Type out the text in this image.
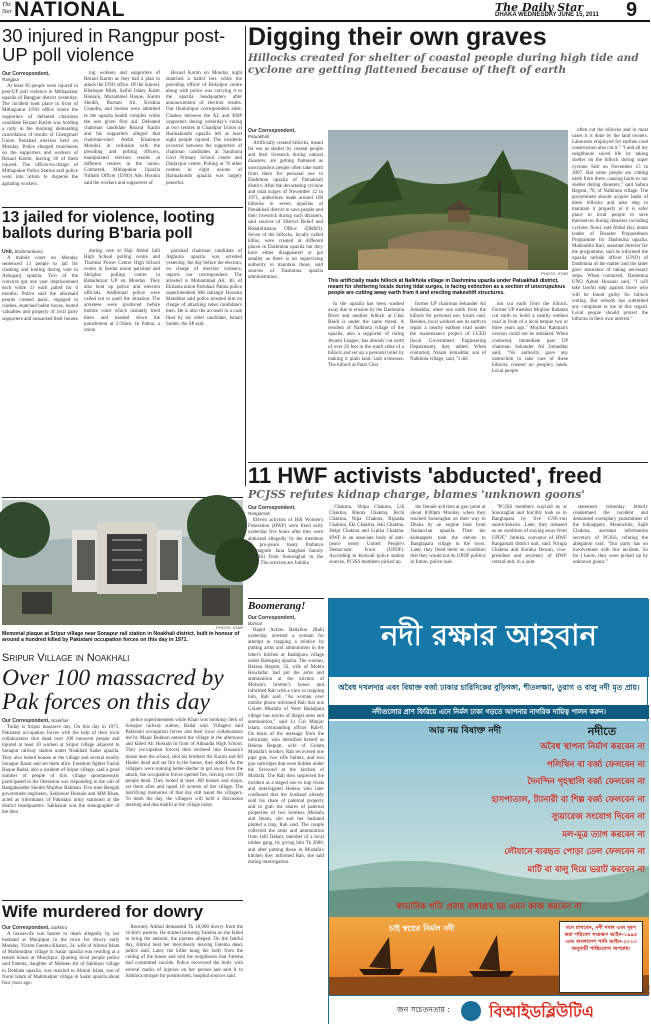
The
Star NATIONAL	The Daily Star
DHAKA WEDNESDAY JUNE 15, 2011 9
30 injured in Rangpur post-UP poll violence
Our Correspondent,
Rangpur

At least 30 people were injured in post-UP poll violence in Mithapukur upazila of Rangpur district yesterday. The incident took place in front of Mithapukur UNO office where the supporters of defeated chairman candidate Rezaul Karim was holding a rally in the morning demanding cancellation of results of Chengmari Union Parishad election held on Monday. Police charged truncheons on the supporters and workers of Rezaul Karim, leaving 30 of them injured. The officer-in-charge of Mithapukur Police Station said police went into action to disperse the agitating workers.

ing workers and supporters of Rezaul Karim as they had a plan to attack the UNO office. Of the injured, Khaleque Miah, Saiful Islam, Kabir Hossain, Mozammel Haque, Karim Sheikh, Rustam Ali, Krishna Chandra, and Suman were admitted to the upazila health complex while the rest given first aid. Defeated chairman candidate Rezaul Karim and his supporters alleged that chairman-elect Abdul Khaleque Mondol, in collusion with the presiding and polling officers, manipulated election results at different centres in the union. Contacted, Mithapukur Upazila Nirbahi Officer (UNO) Abu Horaira said the workers and supporters of

Rezaul Karim on Monday night snatched a ballot box while the presiding officer of Bokulpur centre along with police was carrying it to the upazila headquarters after announcement of election results. Our Ibrahimpur correspondent adds: Clashes between the AL and BNP supporters during yesterday's voting at two centres in Chandpur Union of Harinakundo upazila left at least eight people injured. The incidents occurred between the supporters of chairman candidates at Sarabaria Govt Primary School centre and Durlavpur centre. Polling at 76 other centres in eight unions of Harinakundo upazila was largely peaceful.

Digging their own graves
Hillocks created for shelter of coastal people during high tide and cyclone are getting flattened because of theft of earth
Our Correspondent,
Patuakhali

Artificially created hillocks, meant for use as shelter by coastal people and their livestock during natural disasters, are getting flattened as unscrupulous people often take earth from there for personal use in Dashmina upazila of Patuakhali district. After the devastating cyclone and tidal surges of November 12 in 1971, authorities made around 100 hillocks in seven upazilas of Patuakhali district to save people and their livestock during such disasters, said sources of District Relief and Rehabilitation Office (DRRO). Seven of the hillocks, locally called killas, were created at different places in Dashmina upazila but they have either disappeared or got smaller as there is no supervising authority to maintain those, said sources of Dashmina upazila administration.

PHOTO: STAR
This artificially made hillock at Nalkhola village in Dashmina upazila under Patuakhali district, meant for sheltering locals during tidal surges, is facing extinction as a section of unscrupulous people are cutting away earth from it and erecting makeshift structures.

In the upazila has been washed away due to erosion by the Dashmina River and another hillock at Char Haidi is under the same threat. A resident of Nalkhola village of the upazila, also a supporter of ruling Awami League, has already cut earth of over 20 feet in the south sides of a hillock and set up a personal toilet by making it plain land, said witnesses. The hillock at Patar Char

former UP chairman Sekander Ali Jomaddar, other one earth from the hillock for personal use, locals said. Besides, local workers use its earth to repair a nearby earthen road under the maintenance project of LGED (local Government Engineering Department), they added. When contacted, Nizam Jomaddar, son of Nalkhola village, said, "I did

not cut earth from the hillock. Former UP member Mojibar Rahman cut earth to build a nearby earthen road in front of a local temple two or three years ago." Mojibar Rahman's version could not be obtained. When contacted, immediate past UP chairman Sekander Ali Jomaddar said, "No authority gave any instruction to take care of these hillocks created on people's lands. Local people

often cut the hillocks and in most cases it is done by the land owners. Labourers employed for earthen road construction also cut it." "I and all my neighbours saved life by taking shelter on the hillock during super cyclone Sidr on November 15 in 2007. But some people are cutting earth from there, causing harm to our shelter during disasters," said Safura Begum, 70, of Nalkhola village. The government should acquire lands of these hillocks and take step to maintain it properly or it is safer place to local people to save themselves during disasters including cyclone, flood, said Abdul Hai, imam leader of Disaster Preparedness Programme for Dashmina upazila. Mahiuddin Bari, assistant director for the programme, said he informed the upazila nirbahi officer (UNO) of Dashmina of the matter and the latter gave assurance of taking necessary steps. When contacted, Dashmina UNO Ajmol Hossain said, "I will take lawful step against those who will be found guilty for hillock cutting. But nobody has submitted any complaint to me in this regard. Local people should protect the hillocks in their own interest."

13 jailed for violence, looting ballots during B'baria poll
Unb, Brahmanbaria

A mobile court on Monday sentenced 13 people to jail for clashing and looting during vote in Ashuganj upazila. Two of the convicts got one year imprisonment each while 11 each jailed for 6 months. Police said the aforesaid people created panic, engaged in clashes, snatched ballot boxes, looted valuables and property of rival party supporters and ransacked their houses

during vote at Haji Abdul Jalil High School polling centre and Tharmal Power Centre High School centre in Sardar union parishad and Shrighar polling centre in Bahadurpur UP on Monday. They also beat up police and election officials, Additional police were called out to quell the situation. The arrestees were produced before mobile court which instantly tried them and handed down the punishment at 2:30am. In Pabna, a union

parishad chairman candidate of Atghoria upazila was arrested yesterday, the day before the election, on charge of election violence, reports our correspondent. The arrested is Mohammad Ali, 40, of Eklianta union Parishad. Pabna police superintendent Md Jahangir Hossain Matobbar said police arrested him on charge of attacking rebel candidate's men. He is also the accused in a case filed by his rebel candidate, Ismail Sarder, the SP said.

PHOTO: STAR
Memorial plaque at Sripur village near Sonapur rail station in Noakhali district, built in honour of around a hundred killed by Pakistani occupation forces on this day in 1971.
Sripur Village in Noakhali
Over 100 massacred by Pak forces on this day
Our Correspondent, Noakhali

Today is Sripur massacre day. On this day in 1971, Pakistani occupation forces with the help of their local collaborators shot dead over 100 innocent people and injured at least 10 women at Sripur village adjacent to Sonapur railway station under Noakhali Sadar upazila. They also looted houses at the village and several nearby Sonapur Bazar and set them afire. Freedom fighter Fazlul Haque Badal, also a resident of Sripur village, said a good number of people of this village spontaneously participated in the liberation war responding to the call of Bangabandhu Sheikh Mujibur Rahman. Five men Bengali government engineers, Sakhawat Hossain and MM Khan, acted as informants of Pakistani army stationed at the district headquarters. Sakhawat was the stenographer of the then

police superintendent while Khan was booking clerk of Sonapur railway station, Badal said. Villagers said Pakistani occupation forces and their local collaborators led by Major Bukhari entered the village in the afternoon and killed Ali Hossain in front of Ahmadia High School. They (occupation forces) then stormed into Hossain's house near the school, shot his brothers Ali Karim and Ali Haider dead and set fire to the house, they added. As the villagers were running helter-skelter to get away from the attack, the occupation forces opened fire, leaving over 100 people dead. They looted at least 300 houses and shops, set them afire and raped 10 women of the village. The horrifying memories of that day still haunt the villagers. To mark the day, the villagers will hold a discussion meeting and doa mahfil at the village today.

Wife murdered for dowry
Our Correspondent, Satkhira

A housewife was beaten to death allegedly by her husband at Munjitpur in the town for dowry early Monday. Victim Fatema Khatun, 24, wife of Alimul Islam of Mahmudpur village in Sadar upazila was residing at a rented house at Munjitpur. Quoting local people police said Fatema, daughter of Mohsen Ali of Sakhipur village in Debhata upazila, was married to Alimul Islam, son of Nurul Islam of Mahmudpur village in Sadar upazila about four years ago.

Recently Alimul demanded Tk 10,000 dowry from the victim's parents. He started torturing Fatema as she failed to bring the amount, the parents alleged. On the fateful day, Alimul beat her mercilessly leaving Fatema dead, police said. Later, the killer hung the body from the ceiling of the house and told the neighbours that Fatema had committed suicide. Police recovered the body with several marks of injuries on her person and sent it to Satkhira morgue for postmortem, hospital sources said.

11 HWF activists 'abducted', freed
PCJSS refutes kidnap charge, blames 'unknown goons'
Our Correspondent,
Rangamati

Eleven activists of Hill Women's Federation (HWF) were freed early yesterday five hours after they were abducted allegedly by the members of pro-peace treaty Parbatya Chattagram Jana Sanghati Samity (PCJSS) from Sonoraghat in the town. The activists are Juthika

Chakma, Shipu Chakma, Lili Chakma, Binota Chakma, Richi Chakma, Nipa Chakma, Bipasha Chakma, Eki Chakma, Jeki Chakma, Helpi Chakma and Lipika Chakma. HWF is an associate body of anti-peace treaty United People's Democratic Front (UPDF). According to Kotwali police station sources, PCJSS members picked up

the female activists at gun point at about 8:00pm Monday when they reached Sonoraghat on their way to Dhaka by an engine boat from Naniarchar upazila. Then the kidnappers took the eleven to Banglapara village in the town. Later, they freed them on condition that they would not do UPDF politics in future, police said.

"PCJSS members waylaid us at Sonoraghat and forcibly took us to Banglapara by five CNG-run autorickshaws. Later, they released us on condition of staying away from UPDF," Juthika, convenor of HWF Rangamati district unit, said. Nirupa Chakma and Konika Dewan, vice-president and secretary of HWF central unit, in a joint

statement yesterday bitterly condemned the incident and demanded exemplary punishment of the kidnappers. Meanwhile, Sajib Chakma, assistant information secretary of PCJSS, refuting the allegation said, "Our party has no involvement with this incident. So far I know, they were picked up by unknown goons."

Boomerang!
Our Correspondent,
Barisal

Rapid Action Battalion (Rab) yesterday arrested a woman for attempt to trapping a relative by putting arms and ammunition in the latter's kitchen at Badalpara village under Babuganj upazila. The woman, Helana Begum, 32, wife of Mobin Howladar, had put the arms and ammunition at the kitchen of Mohsin's brother's house and informed Rab with a view to trapping him, Rab said. "As woman over mobile phone informed Rab that one Golam Mustafa of West Badalpara village has stocks of illegal arms and ammunition," said Lt Col Manjur Islam, commanding officer Rab-8. On basis of the message from the informant, who identified herself as Helena Begum, wife of Golam Mustafa's brother, Rab recovered one pipe gun, two rifle bullets, and two gun cartridges that were hidden under the firewood at the kitchen of Mustafa. The Rab then suspected the incident as a staged one to trap rivals and interrogated Helena who later confessed that her husband already sold his share of paternal property and to grab the shares of paternal properties of two brothers Mustafa and Imran, she and her husband plotted a trap, Rab said. The couple collected the arms and ammunition from Jalil Dakait, member of a local robber gang, by giving him Tk 2000, and after putting those in Mustafa's kitchen they informed Rab, she said during interrogation.

নদী রক্ষার আহবান
অবৈধ দখলদার এবং বিষাক্ত বর্জ্য ঢাকার চারিদিকের বুড়িগঙ্গা, শীতলক্ষ্যা, তুরাগ ও বালু নদী মৃত প্রায়।
নদীগুলোর প্রাণ ফিরিয়ে এনে নির্মল ঢাকা গড়তে আপনার নাগরিক দায়িত্ব পালন করুন।
আর নয় বিষাক্ত নদী	নদীতে
অবৈধ স্থাপনা নির্মাণ করবেন না
পলিথিন বা বর্জ্য ফেলবেন না
দৈনন্দিন গৃহস্থালি বর্জ্য ফেলবেন না
হাসপাতাল, ট্যানারী বা শিল্প বর্জ্য ফেলবেন না
স্যুয়ারেজ সংযোগ দিবেন না
মল-মূত্র ত্যাগ করবেন না
লৌযানে ব্যবহৃত পোড়া তেল ফেলবেন না
মাটি বা বালু দিয়ে ভরাট করবেন না
স্বাভাবিক গতি প্রবাহ বাধাগ্রস্থ হয় এমন কাজ করবেন না
চাই স্বপ্নের নির্মল নদী	মনে রাখবেন, নদী দখল এবং দূষণ করা পরিবেশ সংরক্ষণ আইন-১৯৯৫ এবং বাংলাদেশ পানি আইন-২০১৩ অনুযায়ী শাস্তিযোগ্য অপরাধ।
জন সচেতনতায় : বিআইডব্লিউটিএ
GD-2736
